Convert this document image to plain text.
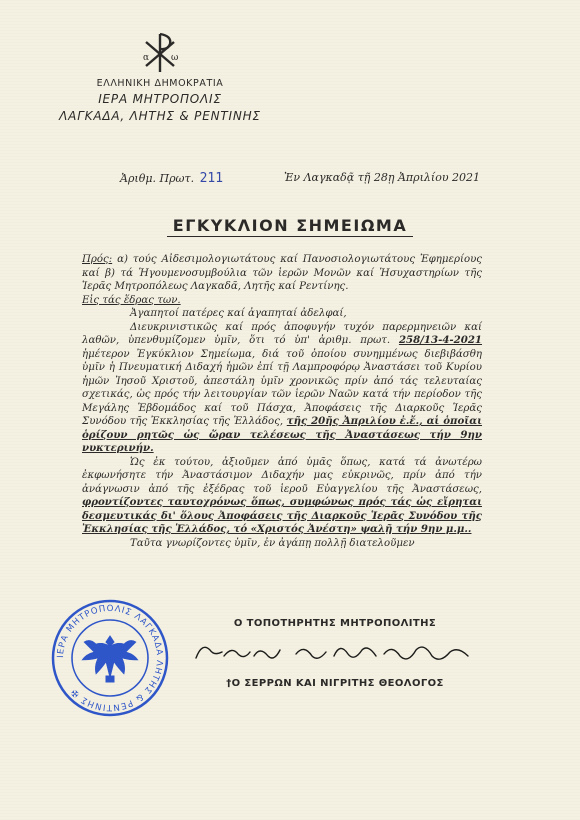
α ω
ΕΛΛΗΝΙΚΗ ΔΗΜΟΚΡΑΤΙΑ
ΙΕΡΑ ΜΗΤΡΟΠΟΛΙΣ
ΛΑΓΚΑΔΑ, ΛΗΤΗΣ & ΡΕΝΤΙΝΗΣ
Ἀριθμ. Πρωτ. 211	Ἐν Λαγκαδᾷ τῇ 28ῃ Ἀπριλίου 2021
ΕΓΚΥΚΛΙΟΝ ΣΗΜΕΙΩΜΑ

Πρός: α) τούς Αἰδεσιμολογιωτάτους καί Πανοσιολογιωτάτους Ἐφημερίους καί β) τά Ἡγουμενοσυμβούλια τῶν ἱερῶν Μονῶν καί Ἡσυχαστηρίων τῆς Ἱερᾶς Μητροπόλεως Λαγκαδᾶ, Λητῆς καί Ρεντίνης.
Εἰς τάς ἕδρας των.

Ἀγαπητοί πατέρες καί ἀγαπηταί ἀδελφαί,

Διευκρινιστικῶς καί πρός ἀποφυγήν τυχόν παρερμηνειῶν καί λαθῶν, ὑπενθυμίζομεν ὑμῖν, ὅτι τό ὑπ' ἀριθμ. πρωτ. 258/13-4-2021 ἡμέτερον Ἐγκύκλιον Σημείωμα, διά τοῦ ὁποίου συνημμένως διεβιβάσθη ὑμῖν ἡ Πνευματική Διδαχή ἡμῶν ἐπί τῇ Λαμπροφόρῳ Ἀναστάσει τοῦ Κυρίου ἡμῶν Ἰησοῦ Χριστοῦ, ἀπεστάλη ὑμῖν χρονικῶς πρίν ἀπό τάς τελευταίας σχετικάς, ὡς πρός τήν λειτουργίαν τῶν ἱερῶν Ναῶν κατά τήν περίοδον τῆς Μεγάλης Ἑβδομάδος καί τοῦ Πάσχα, Ἀποφάσεις τῆς Διαρκοῦς Ἱερᾶς Συνόδου τῆς Ἐκκλησίας τῆς Ἑλλάδος, τῆς 20ῆς Ἀπριλίου ἐ.ἔ., αἱ ὁποῖαι ὁρίζουν ρητῶς ὡς ὥραν τελέσεως τῆς Ἀναστάσεως τήν 9ην νυκτερινήν.

Ὡς ἐκ τούτου, ἀξιοῦμεν ἀπό ὑμᾶς ὅπως, κατά τά ἀνωτέρω ἐκφωνήσητε τήν Ἀναστάσιμον Διδαχήν μας εὐκρινῶς, πρίν ἀπό τήν ἀνάγνωσιν ἀπό τῆς ἐξέδρας τοῦ ἱεροῦ Εὐαγγελίου τῆς Ἀναστάσεως, φροντίζοντες ταυτοχρόνως ὅπως, συμφώνως πρός τάς ὡς εἴρηται δεσμευτικάς δι' ὅλους Ἀποφάσεις τῆς Διαρκοῦς Ἱερᾶς Συνόδου τῆς Ἐκκλησίας τῆς Ἑλλάδος, τό «Χριστός Ἀνέστη» ψαλῇ τήν 9ην μ.μ..

Ταῦτα γνωρίζοντες ὑμῖν, ἐν ἀγάπῃ πολλῇ διατελοῦμεν

ΙΕΡΑ ΜΗΤΡΟΠΟΛΙΣ ΛΑΓΚΑΔΑ ΛΗΤΗΣ & ΡΕΝΤΙΝΗΣ ✠
Ο ΤΟΠΟΤΗΡΗΤΗΣ ΜΗΤΡΟΠΟΛΙΤΗΣ
†Ο ΣΕΡΡΩΝ ΚΑΙ ΝΙΓΡΙΤΗΣ ΘΕΟΛΟΓΟΣ
